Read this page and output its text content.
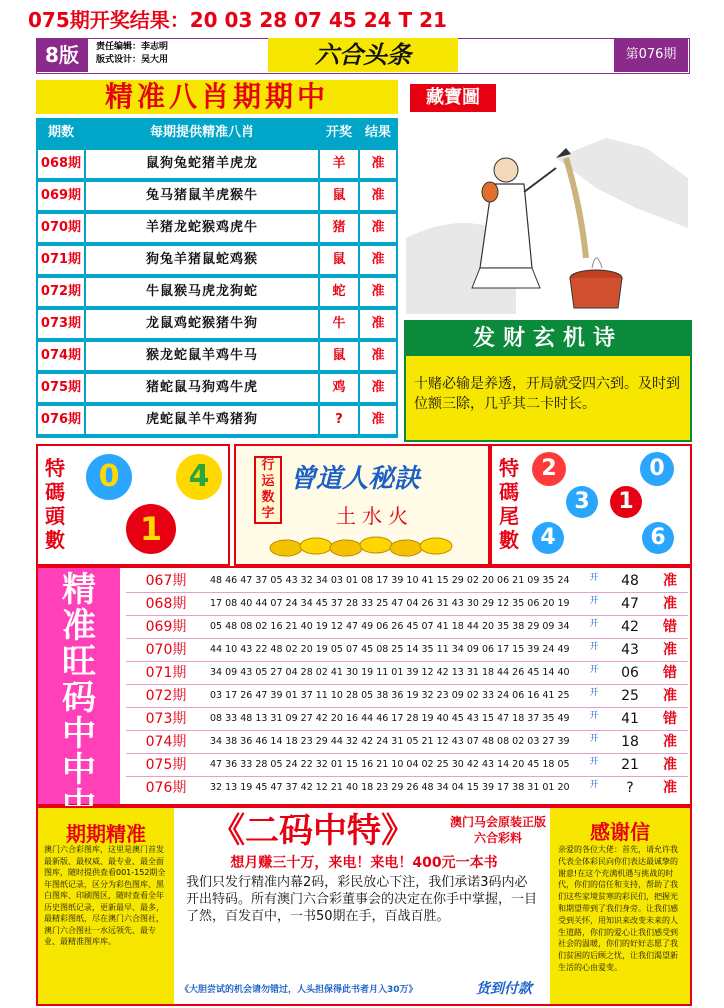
075期开奖结果：20 03 28 07 45 24 T 21
8版	责任编辑：李志明
版式设计：吴大用	六合头条	第076期
精准八肖期期中	藏寶圖
期数	每期提供精准八肖	开奖 结果
068期	鼠狗兔蛇猪羊虎龙	羊	准
069期	兔马猪鼠羊虎猴牛	鼠	准
070期	羊猪龙蛇猴鸡虎牛	猪	准
071期	狗兔羊猪鼠蛇鸡猴	鼠	准
072期	牛鼠猴马虎龙狗蛇	蛇	准
073期	龙鼠鸡蛇猴猪牛狗	牛	准
074期	猴龙蛇鼠羊鸡牛马	鼠	准
075期	猪蛇鼠马狗鸡牛虎	鸡	准
076期	虎蛇鼠羊牛鸡猪狗	?	准
发财玄机诗
十赌必输是养透，开局就受四六到。及时到位额三除，几乎其二卡时长。
特碼頭數
0	4
1
行运数字
曾道人秘訣
土水火
特碼尾數
2	0
3	1
4	6
精准旺码中中
067期	48 46 47 37 05 43 32 34 03 01 08 17 39 10 41 15 29 02 20 06 21 09 35 24	开	48	准
068期	17 08 40 44 07 24 34 45 37 28 33 25 47 04 26 31 43 30 29 12 35 06 20 19	开	47	准
069期	05 48 08 02 16 21 40 19 12 47 49 06 26 45 07 41 18 44 20 35 38 29 09 34	开	42	错
070期	44 10 43 22 48 02 20 19 05 07 45 08 25 14 35 11 34 09 06 17 15 39 24 49	开	43	准
071期	34 09 43 05 27 04 28 02 41 30 19 11 01 39 12 42 13 31 18 44 26 45 14 40	开	06	错
072期	03 17 26 47 39 01 37 11 10 28 05 38 36 19 32 23 09 02 33 24 06 16 41 25	开	25	准
073期	08 33 48 13 31 09 27 42 20 16 44 46 17 28 19 40 45 43 15 47 18 37 35 49	开	41	错
074期	34 38 36 46 14 18 23 29 44 32 42 24 31 05 21 12 43 07 48 08 02 03 27 39	开	18	准
075期	47 36 33 28 05 24 22 32 01 15 16 21 10 04 02 25 30 42 43 14 20 45 18 05	开	21	准
076期	32 13 19 45 47 37 42 12 21 40 18 23 29 26 48 34 04 15 39 17 38 31 01 20	开	?	准
期期精准
澳门六合彩图库，这里是澳门首发最新版、最权威、最专业、最全面图库，随时提供查看001-152期全年图纸记录，区分为彩色图库、黑白图库、印刷图区，随时查看全年历史图纸记录，更新最早、最多，最精彩图纸，尽在澳门六合图社，澳门六合图社一水远领先、最专业、最精准图库库。
《二码中特》	澳门马会原装正版六合彩料
想月赚三十万，来电！来电！400元一本书
我们只发行精准内幕2码，彩民放心下注，我们承诺3码内必开出特码。所有澳门六合彩董事会的决定在你手中掌握，一目了然，百发百中，一书50期在手，百战百胜。
《大胆尝试的机会请勿错过，人头担保得此书者月入30万》	货到付款
感谢信
亲爱的各位大佬：首先，请允许我代表全体彩民向你们表达最诚挚的谢意!在这个充满机遇与挑战的时代，你们的信任和支持，帮助了我们这些家境贫寒的彩民们，把握光和期望带到了我们身旁。让我们感受到关怀，用知识来改变未来的人生道路，你们的爱心让我们感受到社会的温暖，你们的好好志愿了我们贫困的后顾之忧，让我们渴望新生活的心由爱变。
